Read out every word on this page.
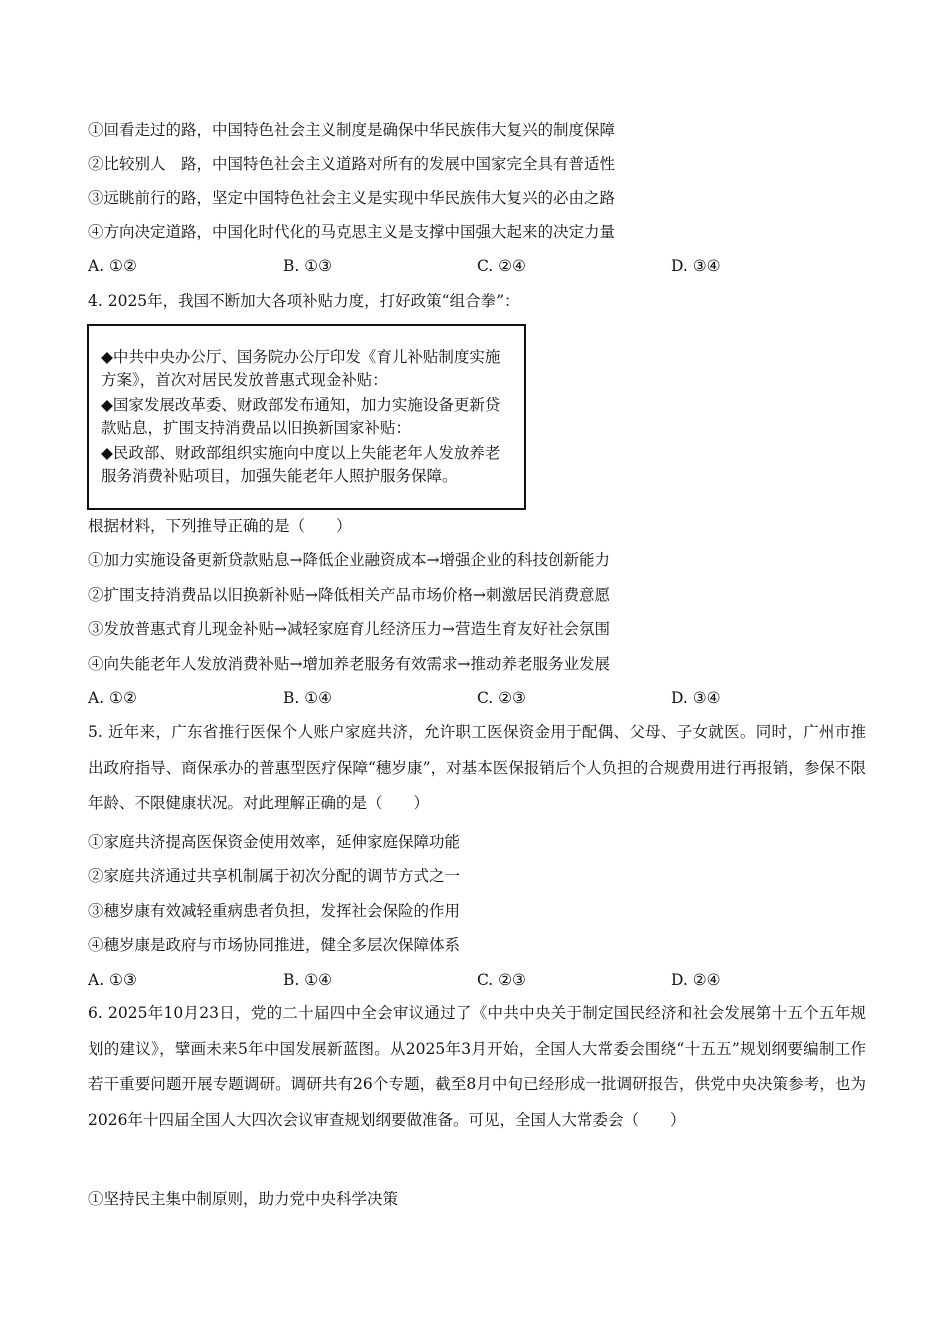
①回看走过的路，中国特色社会主义制度是确保中华民族伟大复兴的制度保障
②比较别人　路，中国特色社会主义道路对所有的发展中国家完全具有普适性
③远眺前行的路，坚定中国特色社会主义是实现中华民族伟大复兴的必由之路
④方向决定道路，中国化时代化的马克思主义是支撑中国强大起来的决定力量
A. ①②	B. ①③	C. ②④	D. ③④
4. 2025年，我国不断加大各项补贴力度，打好政策“组合拳”：

◆中共中央办公厅、国务院办公厅印发《育儿补贴制度实施方案》，首次对居民发放普惠式现金补贴：

◆国家发展改革委、财政部发布通知，加力实施设备更新贷款贴息，扩围支持消费品以旧换新国家补贴：

◆民政部、财政部组织实施向中度以上失能老年人发放养老服务消费补贴项目，加强失能老年人照护服务保障。

根据材料，下列推导正确的是（　　）
①加力实施设备更新贷款贴息→降低企业融资成本→增强企业的科技创新能力
②扩围支持消费品以旧换新补贴→降低相关产品市场价格→刺激居民消费意愿
③发放普惠式育儿现金补贴→减轻家庭育儿经济压力→营造生育友好社会氛围
④向失能老年人发放消费补贴→增加养老服务有效需求→推动养老服务业发展
A. ①②	B. ①④	C. ②③	D. ③④

5. 近年来，广东省推行医保个人账户家庭共济，允许职工医保资金用于配偶、父母、子女就医。同时，广州市推出政府指导、商保承办的普惠型医疗保障“穗岁康”，对基本医保报销后个人负担的合规费用进行再报销，参保不限年龄、不限健康状况。对此理解正确的是（　　）

①家庭共济提高医保资金使用效率，延伸家庭保障功能
②家庭共济通过共享机制属于初次分配的调节方式之一
③穗岁康有效减轻重病患者负担，发挥社会保险的作用
④穗岁康是政府与市场协同推进，健全多层次保障体系
A. ①③	B. ①④	C. ②③	D. ②④

6. 2025年10月23日，党的二十届四中全会审议通过了《中共中央关于制定国民经济和社会发展第十五个五年规划的建议》，擘画未来5年中国发展新蓝图。从2025年3月开始，全国人大常委会围绕“十五五”规划纲要编制工作若干重要问题开展专题调研。调研共有26个专题，截至8月中旬已经形成一批调研报告，供党中央决策参考，也为2026年十四届全国人大四次会议审查规划纲要做准备。可见，全国人大常委会（　　）

①坚持民主集中制原则，助力党中央科学决策
